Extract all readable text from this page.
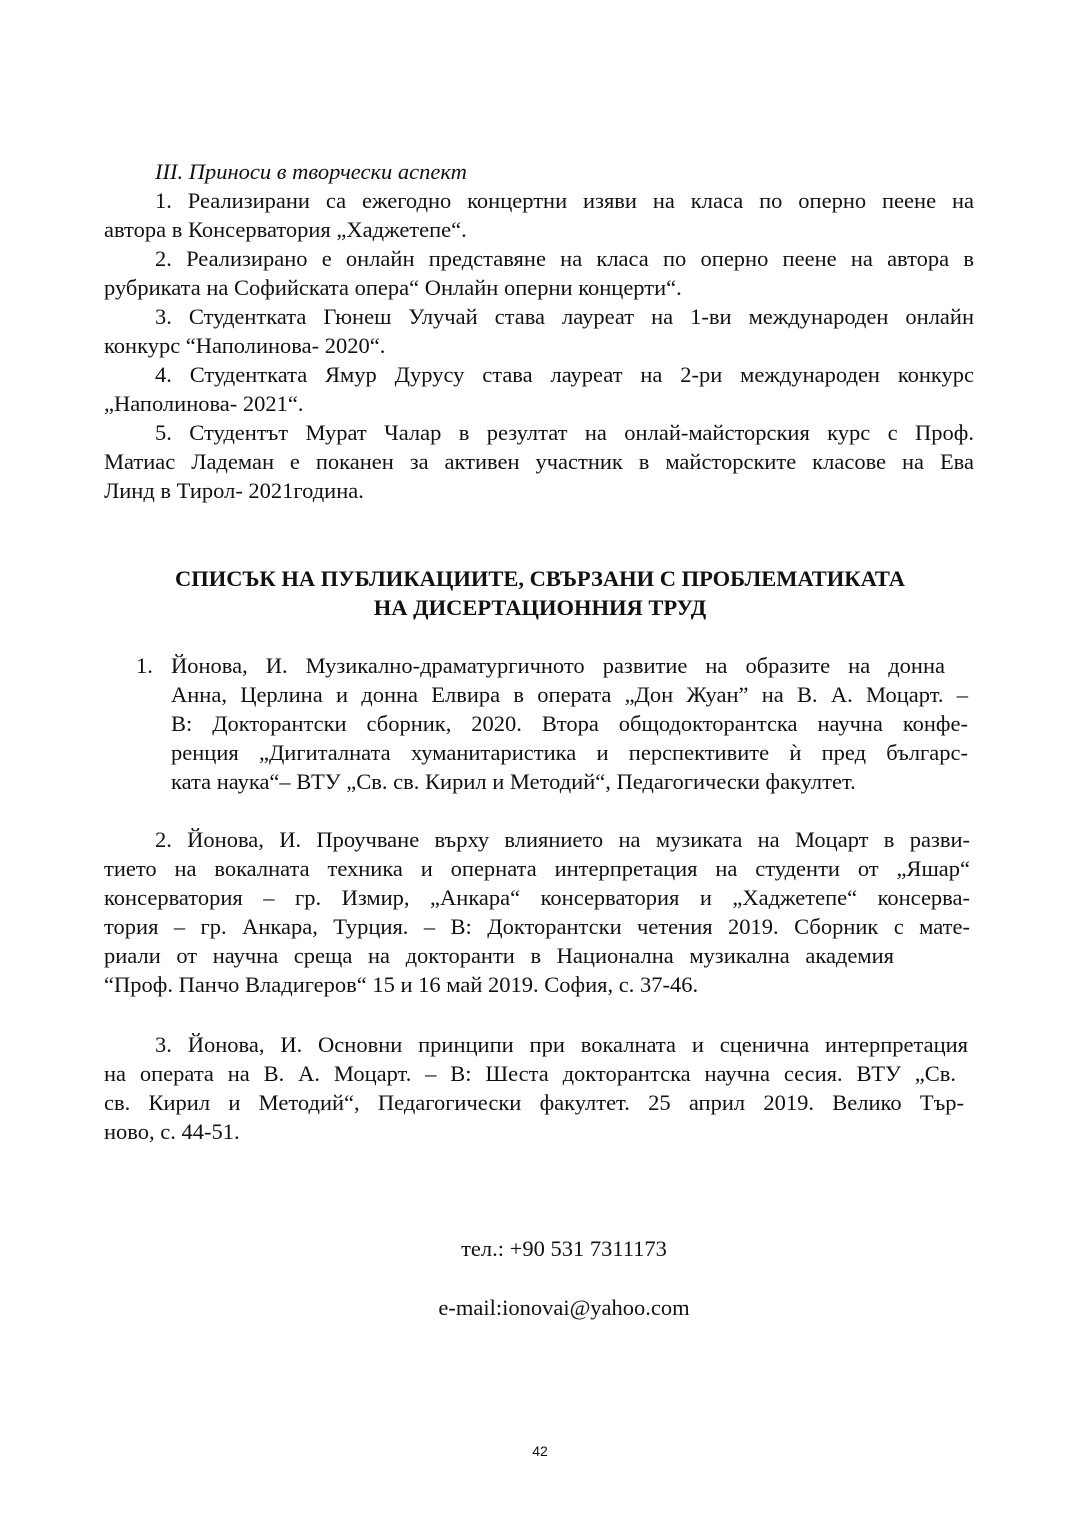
III. Приноси в творчески аспект

1. Реализирани са ежегодно концертни изяви на класа по оперно пеене на

автора в Консерватория „Хаджетепе“.

2. Реализирано е онлайн представяне на класа по оперно пеене на автора в

рубриката на Софийската опера“ Онлайн оперни концерти“.

3. Студентката Гюнеш Улучай става лауреат на 1-ви международен онлайн

конкурс “Наполинова- 2020“.

4. Студентката Ямур Дурусу става лауреат на 2-ри международен конкурс

„Наполинова- 2021“.

5. Студентът Мурат Чалар в резултат на онлай-майсторския курс с Проф.

Матиас Ладеман е поканен за активен участник в майсторските класове на Ева

Линд в Тирол- 2021година.

СПИСЪК НА ПУБЛИКАЦИИТЕ, СВЪРЗАНИ С ПРОБЛЕМАТИКАТА
НА ДИСЕРТАЦИОННИЯ ТРУД

1. Йонова, И. Музикално-драматургичното развитие на образите на донна

Анна, Церлина и донна Елвира в операта „Дон Жуан” на В. А. Моцарт. –

В: Докторантски сборник, 2020. Втора общодокторантска научна конфе-

ренция „Дигиталната хуманитаристика и перспективите ѝ пред българс-

ката наука“– ВТУ „Св. св. Кирил и Методий“, Педагогически факултет.

2. Йонова, И. Проучване върху влиянието на музиката на Моцарт в разви-

тието на вокалната техника и оперната интерпретация на студенти от „Яшар“

консерватория – гр. Измир, „Анкара“ консерватория и „Хаджетепе“ консерва-

тория – гр. Анкара, Турция. – В: Докторантски четения 2019. Сборник с мате-

риали от научна среща на докторанти в Национална музикална академия

“Проф. Панчо Владигеров“ 15 и 16 май 2019. София, с. 37-46.

3. Йонова, И. Основни принципи при вокалната и сценична интерпретация

на операта на В. А. Моцарт. – В: Шеста докторантска научна сесия. ВТУ „Св.

св. Кирил и Методий“, Педагогически факултет. 25 април 2019. Велико Тър-

ново, с. 44-51.

тел.: +90 531 7311173
e-mail:ionovai@yahoo.com
42
